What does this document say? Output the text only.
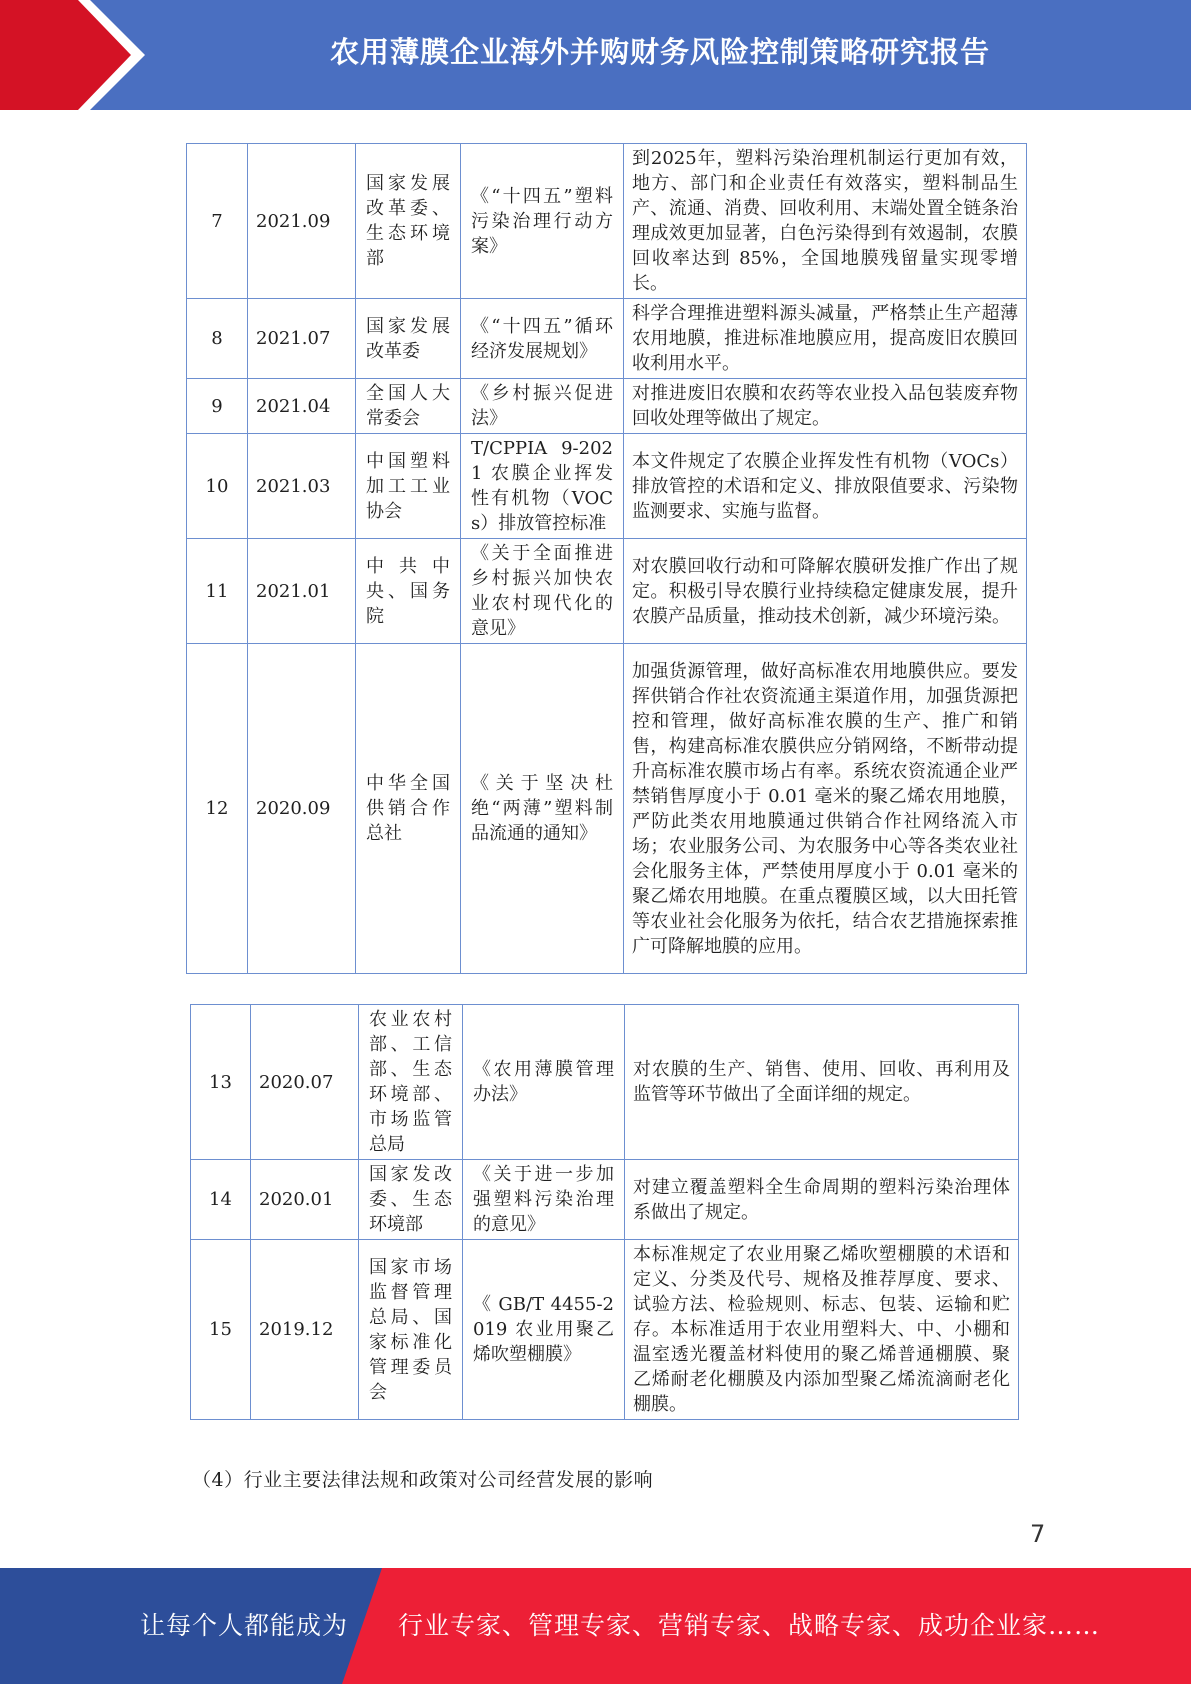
农用薄膜企业海外并购财务风险控制策略研究报告
7	2021.09	国家发展改革委、生态环境部	《“十四五”塑料污染治理行动方案》	到2025年，塑料污染治理机制运行更加有效，地方、部门和企业责任有效落实，塑料制品生产、流通、消费、回收利用、末端处置全链条治理成效更加显著，白色污染得到有效遏制，农膜回收率达到 85%，全国地膜残留量实现零增长。
8	2021.07	国家发展改革委	《“十四五”循环经济发展规划》	科学合理推进塑料源头减量，严格禁止生产超薄农用地膜，推进标准地膜应用，提高废旧农膜回收利用水平。
9	2021.04	全国人大常委会	《乡村振兴促进法》	对推进废旧农膜和农药等农业投入品包装废弃物回收处理等做出了规定。
10	2021.03	中国塑料加工工业协会	T/CPPIA 9-2021 农膜企业挥发性有机物（VOCs）排放管控标准	本文件规定了农膜企业挥发性有机物（VOCs）排放管控的术语和定义、排放限值要求、污染物监测要求、实施与监督。
11	2021.01	中共中央、国务院	《关于全面推进乡村振兴加快农业农村现代化的意见》	对农膜回收行动和可降解农膜研发推广作出了规定。积极引导农膜行业持续稳定健康发展，提升农膜产品质量，推动技术创新，减少环境污染。
12	2020.09	中华全国供销合作总社	《关于坚决杜绝“两薄”塑料制品流通的通知》	加强货源管理，做好高标准农用地膜供应。要发挥供销合作社农资流通主渠道作用，加强货源把控和管理，做好高标准农膜的生产、推广和销售，构建高标准农膜供应分销网络，不断带动提升高标准农膜市场占有率。系统农资流通企业严禁销售厚度小于 0.01 毫米的聚乙烯农用地膜，严防此类农用地膜通过供销合作社网络流入市场；农业服务公司、为农服务中心等各类农业社会化服务主体，严禁使用厚度小于 0.01 毫米的聚乙烯农用地膜。在重点覆膜区域，以大田托管等农业社会化服务为依托，结合农艺措施探索推广可降解地膜的应用。
13	2020.07	农业农村部、工信部、生态环境部、市场监管总局	《农用薄膜管理办法》	对农膜的生产、销售、使用、回收、再利用及监管等环节做出了全面详细的规定。
14	2020.01	国家发改委、生态环境部	《关于进一步加强塑料污染治理的意见》	对建立覆盖塑料全生命周期的塑料污染治理体系做出了规定。
15	2019.12	国家市场监督管理总局、国家标准化管理委员会	《 GB/T 4455-2019 农业用聚乙烯吹塑棚膜》	本标准规定了农业用聚乙烯吹塑棚膜的术语和定义、分类及代号、规格及推荐厚度、要求、试验方法、检验规则、标志、包装、运输和贮存。本标准适用于农业用塑料大、中、小棚和温室透光覆盖材料使用的聚乙烯普通棚膜、聚乙烯耐老化棚膜及内添加型聚乙烯流滴耐老化棚膜。
（4）行业主要法律法规和政策对公司经营发展的影响
7
让每个人都能成为 行业专家、管理专家、营销专家、战略专家、成功企业家……
